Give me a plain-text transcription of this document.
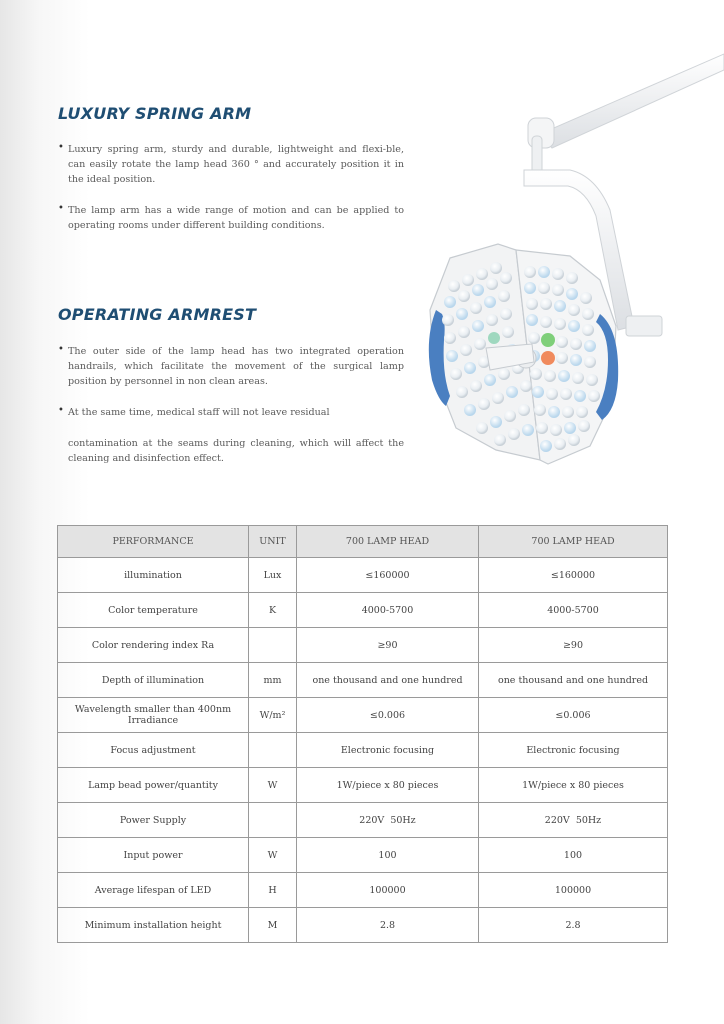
LUXURY SPRING ARM
• Luxury spring arm, sturdy and durable, lightweight and flexi-ble, can easily rotate the lamp head 360 ° and accurately position it in the ideal position.
• The lamp arm has a wide range of motion and can be applied to operating rooms under different building conditions.
OPERATING ARMREST
• The outer side of the lamp head has two integrated operation handrails, which facilitate the movement of the surgical lamp position by personnel in non clean areas.
• At the same time, medical staff will not leave residual
contamination at the seams during cleaning, which will affect the cleaning and disinfection effect.
PERFORMANCE	UNIT	700 LAMP HEAD	700 LAMP HEAD
illumination	Lux	≤160000	≤160000
Color temperature	K	4000-5700	4000-5700
Color rendering index Ra		≥90	≥90
Depth of illumination	mm	one thousand and one hundred	one thousand and one hundred
Wavelength smaller than 400nm Irradiance	W/m²	≤0.006	≤0.006
Focus adjustment		Electronic focusing	Electronic focusing
Lamp bead power/quantity	W	1W/piece x 80 pieces	1W/piece x 80 pieces
Power Supply		220V  50Hz	220V  50Hz
Input power	W	100	100
Average lifespan of LED	H	100000	100000
Minimum installation height	M	2.8	2.8
